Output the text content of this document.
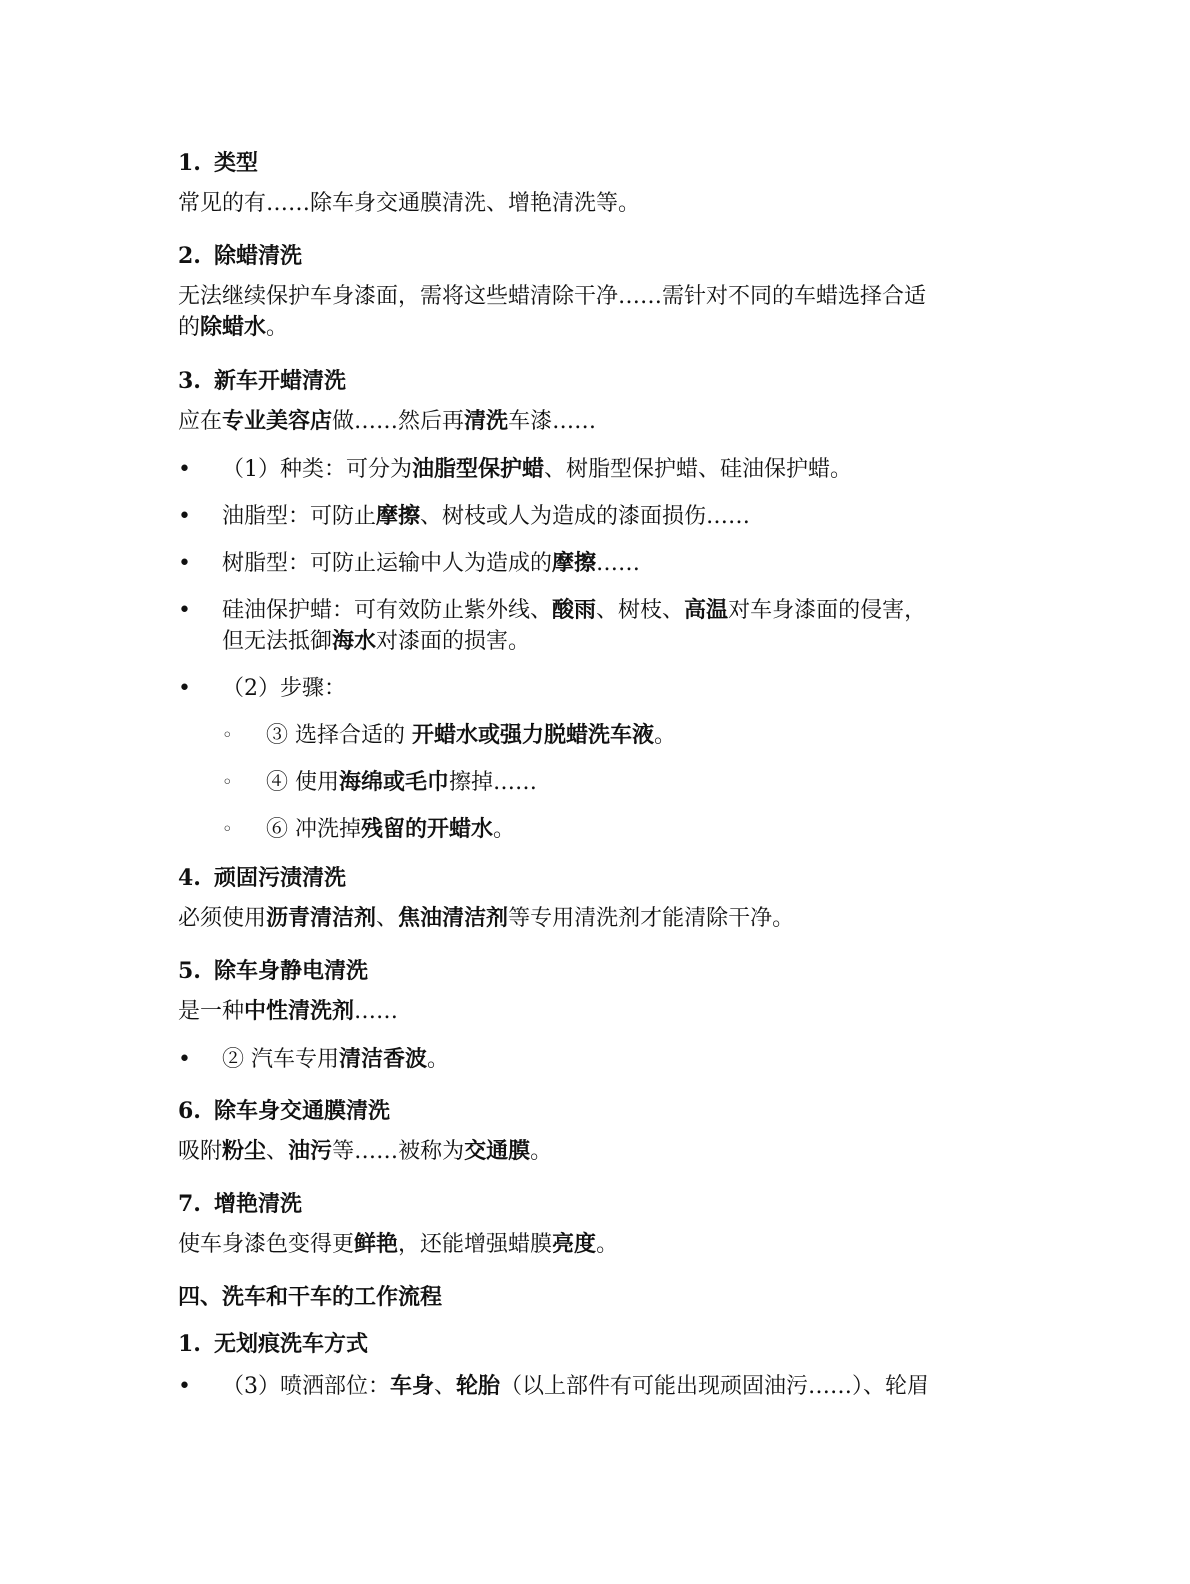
1. 类型
常见的有……除车身交通膜清洗、增艳清洗等。
2. 除蜡清洗
无法继续保护车身漆面，需将这些蜡清除干净……需针对不同的车蜡选择合适
的除蜡水。
3. 新车开蜡清洗
应在专业美容店做……然后再清洗车漆……
• （1）种类：可分为油脂型保护蜡、树脂型保护蜡、硅油保护蜡。
• 油脂型：可防止摩擦、树枝或人为造成的漆面损伤……
• 树脂型：可防止运输中人为造成的摩擦……
• 硅油保护蜡：可有效防止紫外线、酸雨、树枝、高温对车身漆面的侵害，
但无法抵御海水对漆面的损害。
• （2）步骤：
◦ ③ 选择合适的 开蜡水或强力脱蜡洗车液。
◦ ④ 使用海绵或毛巾擦掉……
◦ ⑥ 冲洗掉残留的开蜡水。
4. 顽固污渍清洗
必须使用沥青清洁剂、焦油清洁剂等专用清洗剂才能清除干净。
5. 除车身静电清洗
是一种中性清洗剂……
• ② 汽车专用清洁香波。
6. 除车身交通膜清洗
吸附粉尘、油污等……被称为交通膜。
7. 增艳清洗
使车身漆色变得更鲜艳，还能增强蜡膜亮度。
四、洗车和干车的工作流程
1. 无划痕洗车方式
• （3）喷洒部位：车身、轮胎（以上部件有可能出现顽固油污……）、轮眉
